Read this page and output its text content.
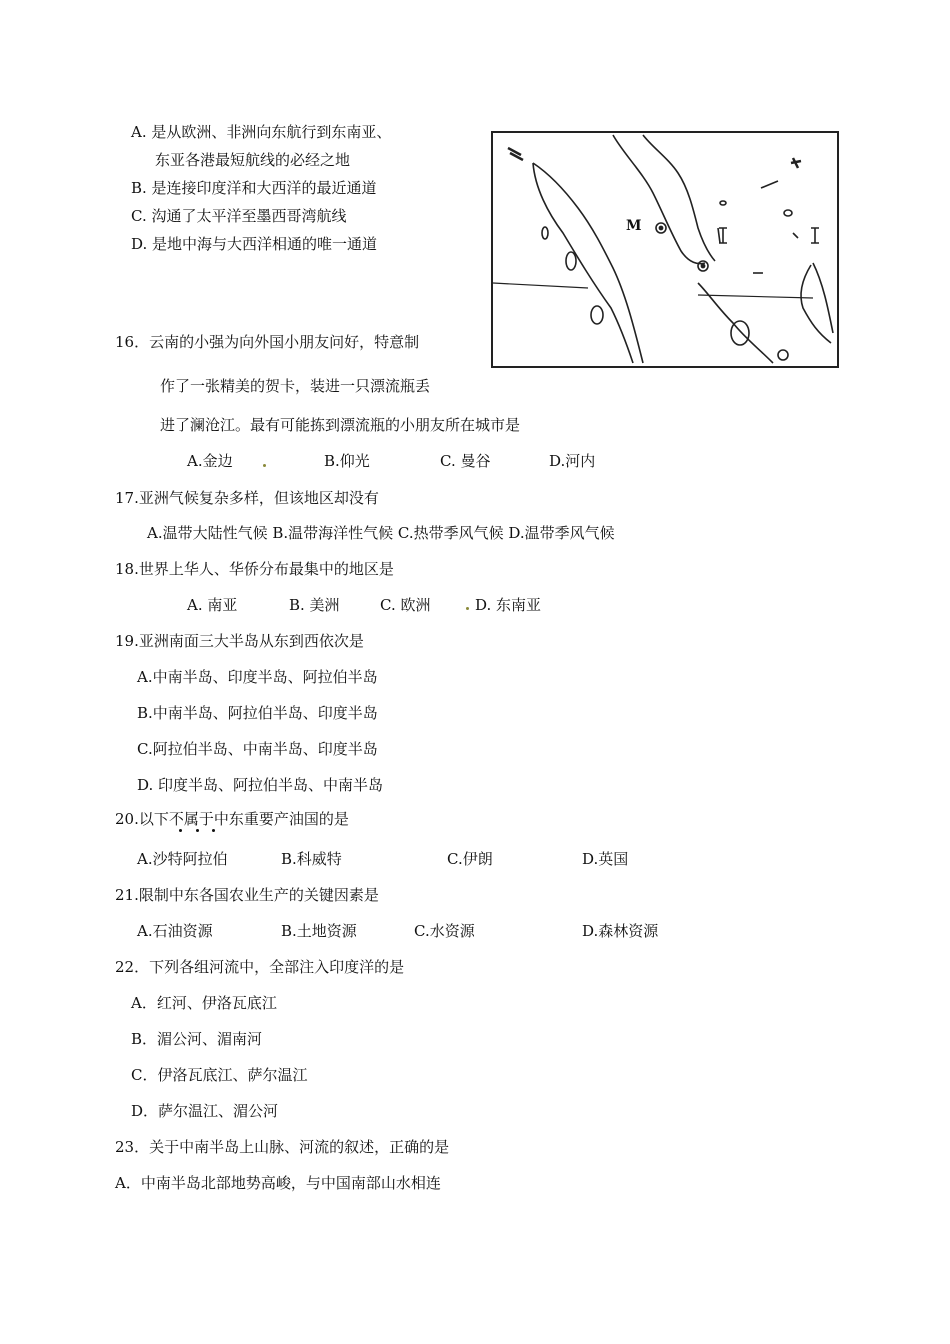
A. 是从欧洲、非洲向东航行到东南亚、
东亚各港最短航线的必经之地
B. 是连接印度洋和大西洋的最近通道
C. 沟通了太平洋至墨西哥湾航线
D. 是地中海与大西洋相通的唯一通道
M
16．云南的小强为向外国小朋友问好，特意制
作了一张精美的贺卡，装进一只漂流瓶丢
进了澜沧江。最有可能拣到漂流瓶的小朋友所在城市是
A.金边	B.仰光	C. 曼谷	D.河内
17.亚洲气候复杂多样，但该地区却没有
A.温带大陆性气候 B.温带海洋性气候 C.热带季风气候 D.温带季风气候
18.世界上华人、华侨分布最集中的地区是
A. 南亚	B. 美洲	C. 欧洲	D. 东南亚
19.亚洲南面三大半岛从东到西依次是
A.中南半岛、印度半岛、阿拉伯半岛
B.中南半岛、阿拉伯半岛、印度半岛
C.阿拉伯半岛、中南半岛、印度半岛
D. 印度半岛、阿拉伯半岛、中南半岛
20.以下不属于中东重要产油国的是
A.沙特阿拉伯	B.科威特	C.伊朗	D.英国
21.限制中东各国农业生产的关键因素是
A.石油资源	B.土地资源	C.水资源	D.森林资源
22．下列各组河流中，全部注入印度洋的是
A．红河、伊洛瓦底江
B．湄公河、湄南河
C．伊洛瓦底江、萨尔温江
D．萨尔温江、湄公河
23．关于中南半岛上山脉、河流的叙述，正确的是
A．中南半岛北部地势高峻，与中国南部山水相连
